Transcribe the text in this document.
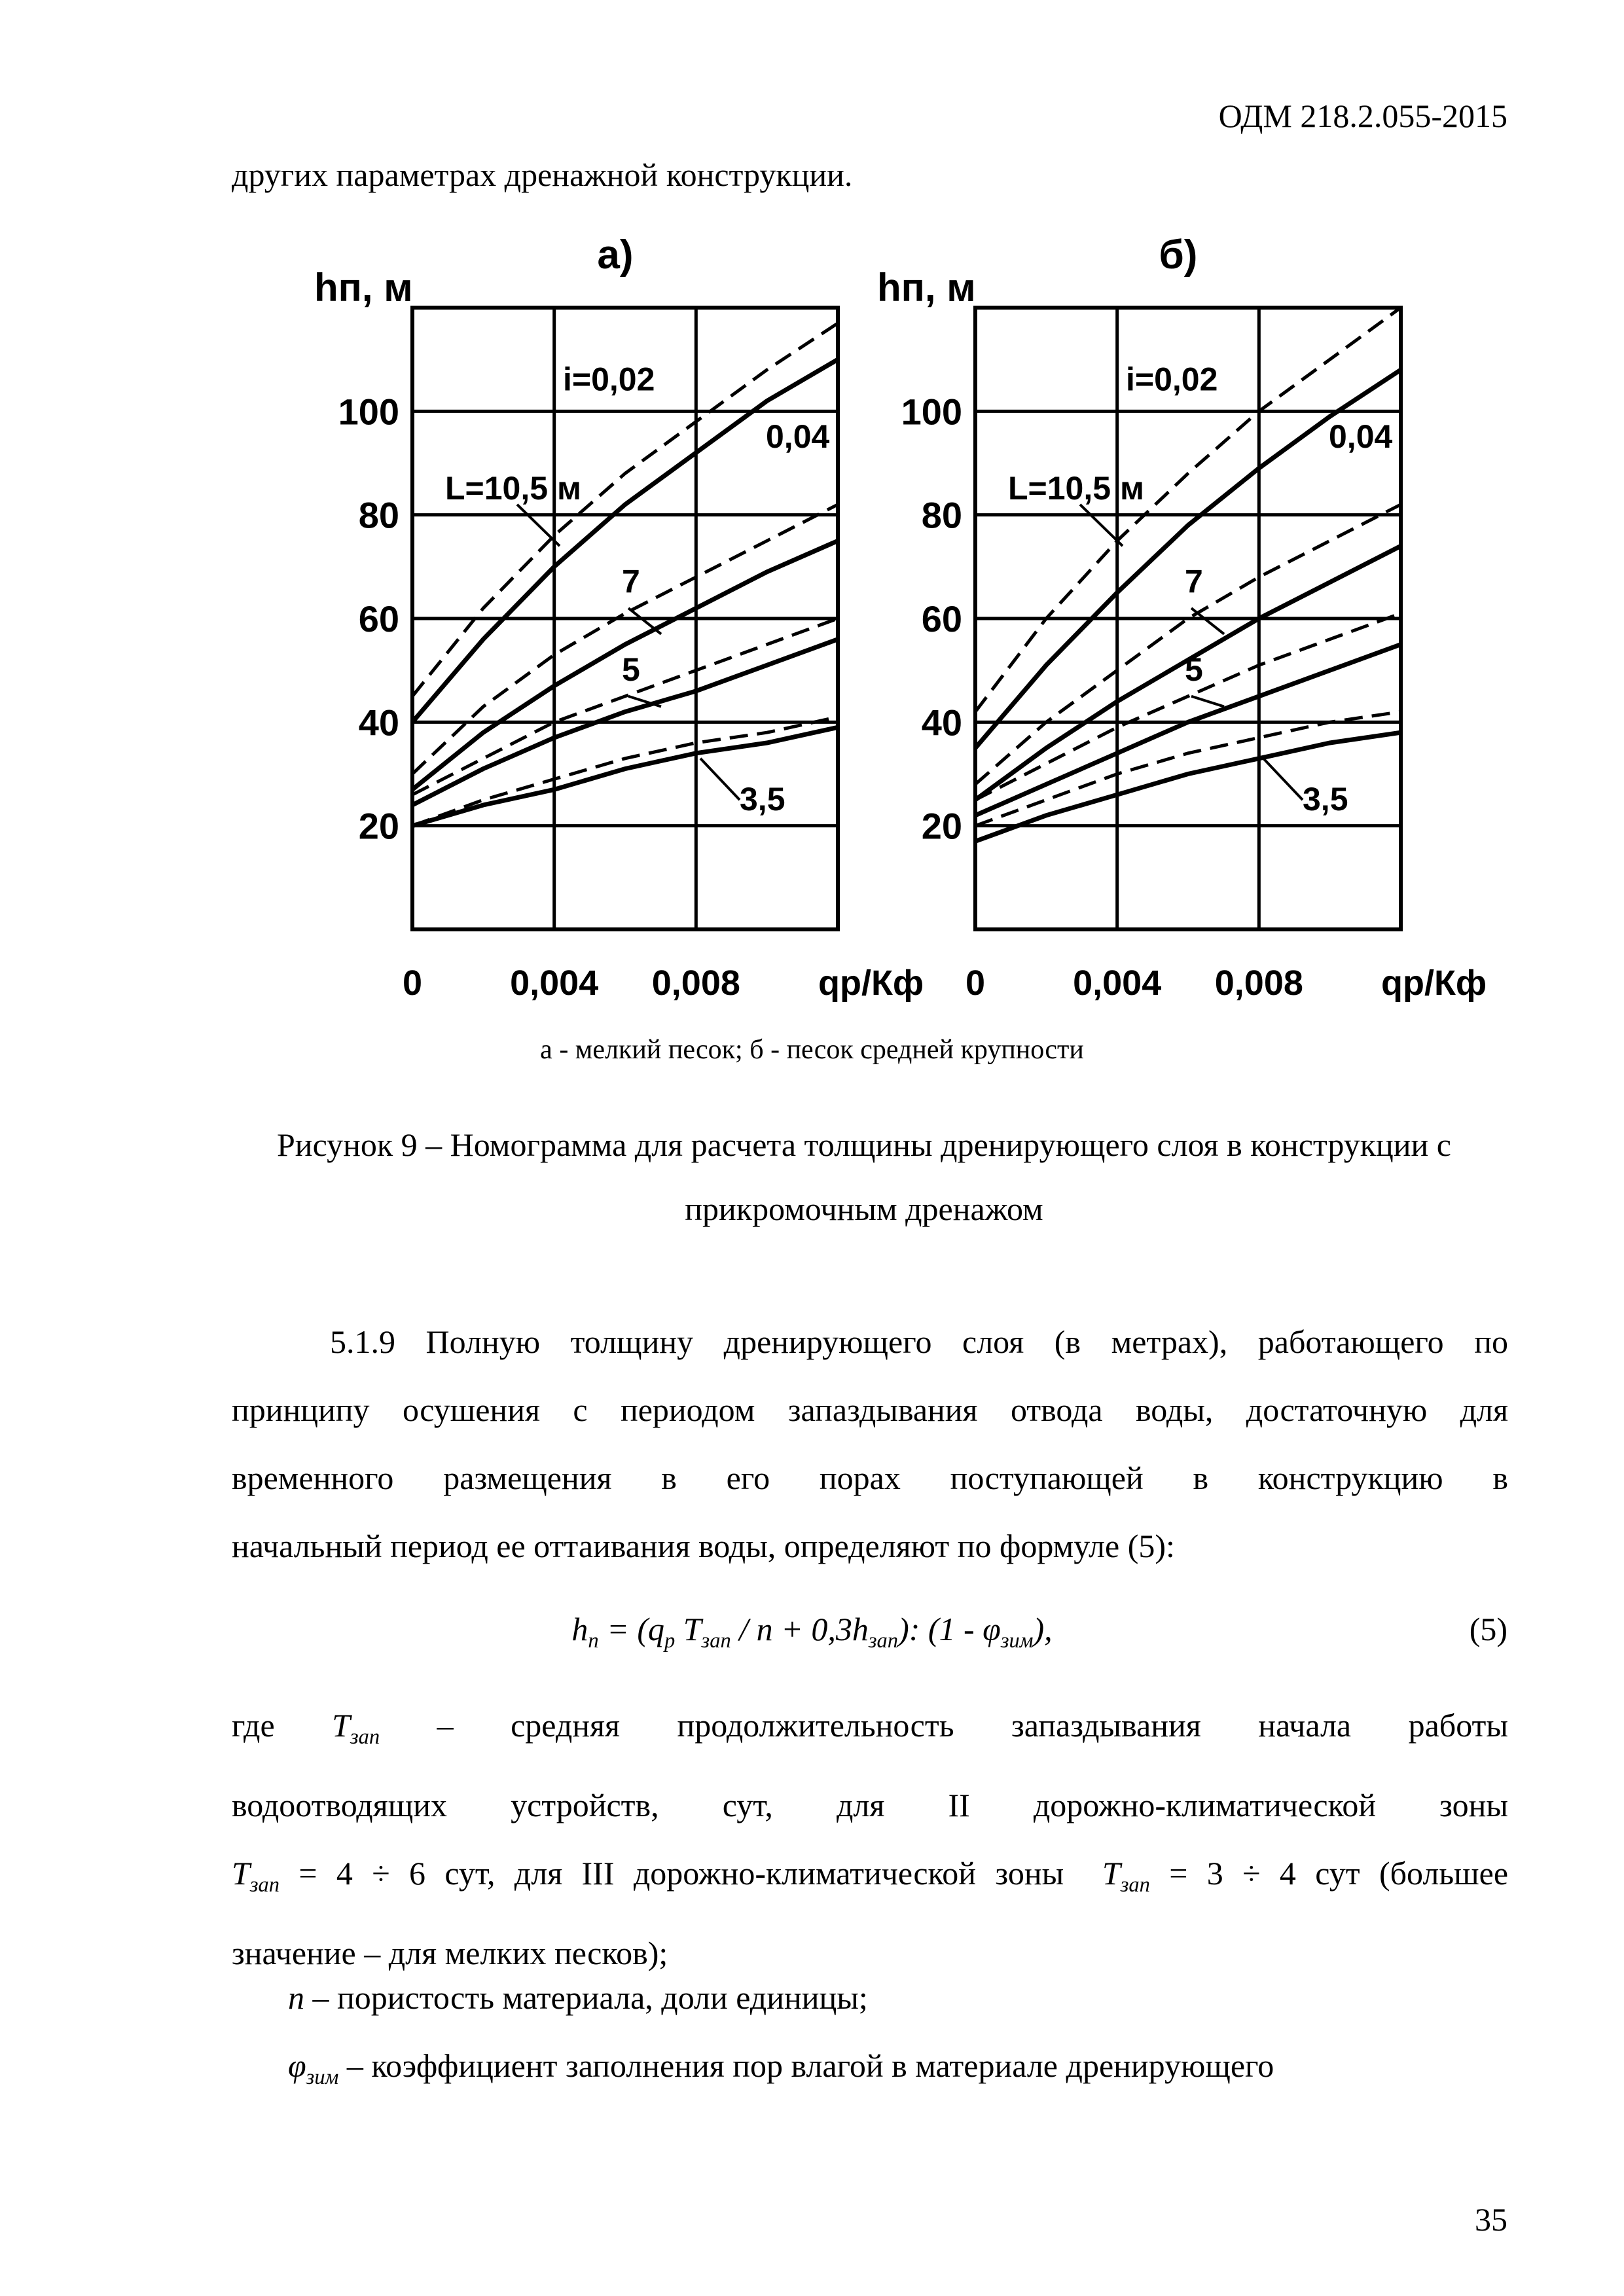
ОДМ 218.2.055-2015
других параметрах дренажной конструкции.
100
80
60
40
20
0 0,004 0,008
hп, м
qр/Кф
а)
i=0,02
0,04
L=10,5 м
7
5
3,5
100
80
60
40
20
0 0,004 0,008
hп, м
qр/Кф
б)
i=0,02
0,04
L=10,5 м
7
5
3,5
а - мелкий песок; б - песок средней крупности
Рисунок 9 – Номограмма для расчета толщины дренирующего слоя в конструкции с прикромочным дренажом
5.1.9 Полную толщину дренирующего слоя (в метрах), работающего по
принципу осушения с периодом запаздывания отвода воды, достаточную для
временного размещения в его порах поступающей в конструкцию в
начальный период ее оттаивания воды, определяют по формуле (5):
$h_п = (q_р$ $T_{зап} / n + 0,3h_{зап}$): $(1 - \varphi_{зим})$,	(5)
где $T_{зап}$ – средняя продолжительность запаздывания начала работы
водоотводящих устройств, сут, для II дорожно-климатической зоны
$T_{зап} = 4 \div 6$ сут, для III дорожно-климатической зоны $T_{зап} = 3 \div 4$ сут (большее
значение – для мелких песков);
n – пористость материала, доли единицы;
$\varphi_{зим}$ – коэффициент заполнения пор влагой в материале дренирующего
35
